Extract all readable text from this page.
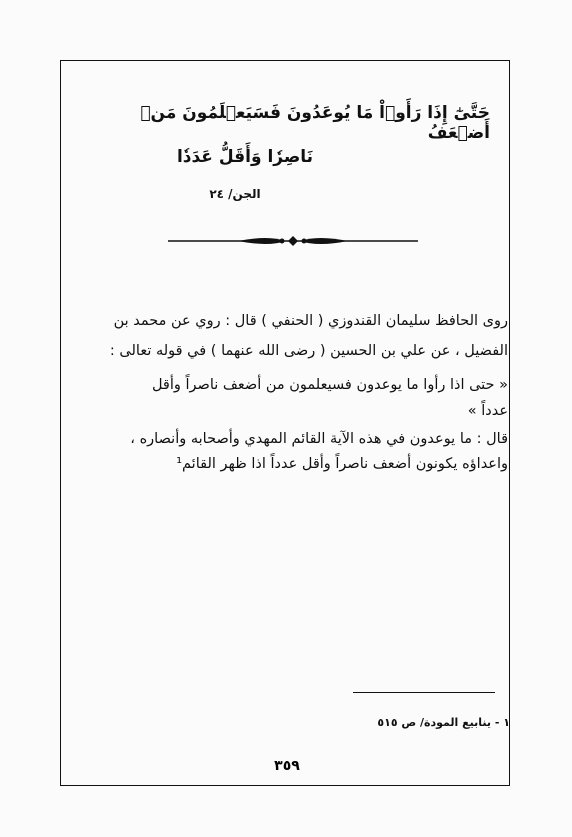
حَتَّىٰٓ إِذَا رَأَوۡاْ مَا يُوعَدُونَ فَسَيَعۡلَمُونَ مَنۡ أَضۡعَفُ
نَاصِرٗا وَأَقَلُّ عَدَدٗا
الجن/ ٢٤
روى الحافظ سليمان القندوزي ( الحنفي ) قال : روي عن محمد بن
الفضيل ، عن علي بن الحسين ( رضى الله عنهما ) في قوله تعالى :
« حتى اذا رأوا ما يوعدون فسيعلمون من أضعف ناصراً وأقل
عدداً »
قال : ما يوعدون في هذه الآية القائم المهدي وأصحابه وأنصاره ،
واعداؤه يكونون أضعف ناصراً وأقل عدداً اذا ظهر القائم¹
١ - ينابيع المودة/ ص ٥١٥
٣٥٩
